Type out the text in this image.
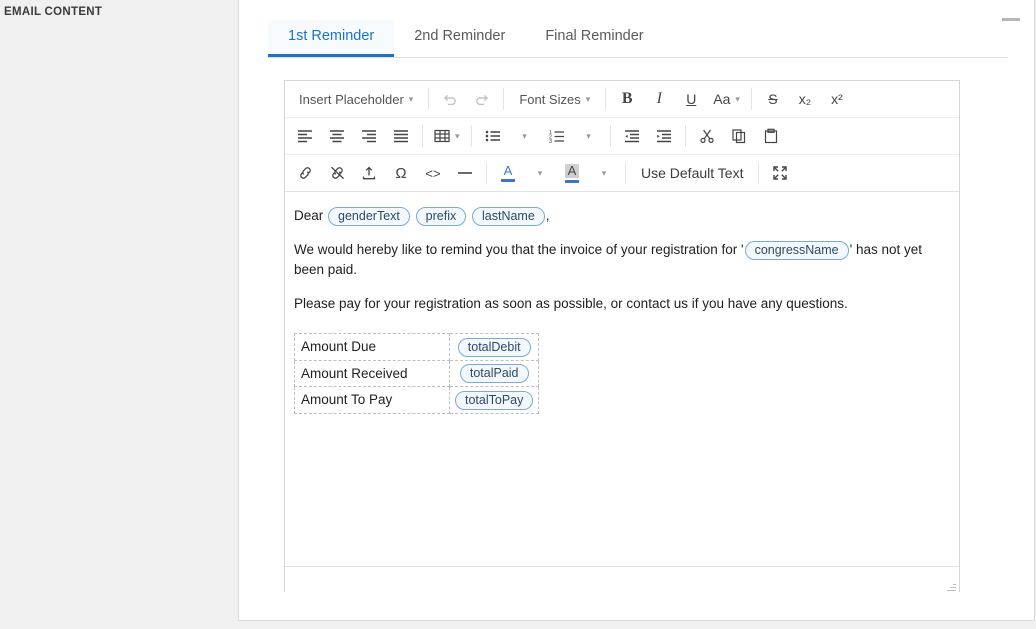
EMAIL CONTENT
1st Reminder	2nd Reminder	Final Reminder
Insert Placeholder ▾	Font Sizes ▾ B I U Aa ▾ S x₂ x²
▾	▾	1
2
3
▾
Ω <>	A	▾ A	▾	Use Default Text

Dear genderText prefix lastName ,

We would hereby like to remind you that the invoice of your registration for ' congressName ' has not yet been paid.

Please pay for your registration as soon as possible, or contact us if you have any questions.

Amount Due	totalDebit
Amount Received	totalPaid
Amount To Pay	totalToPay
